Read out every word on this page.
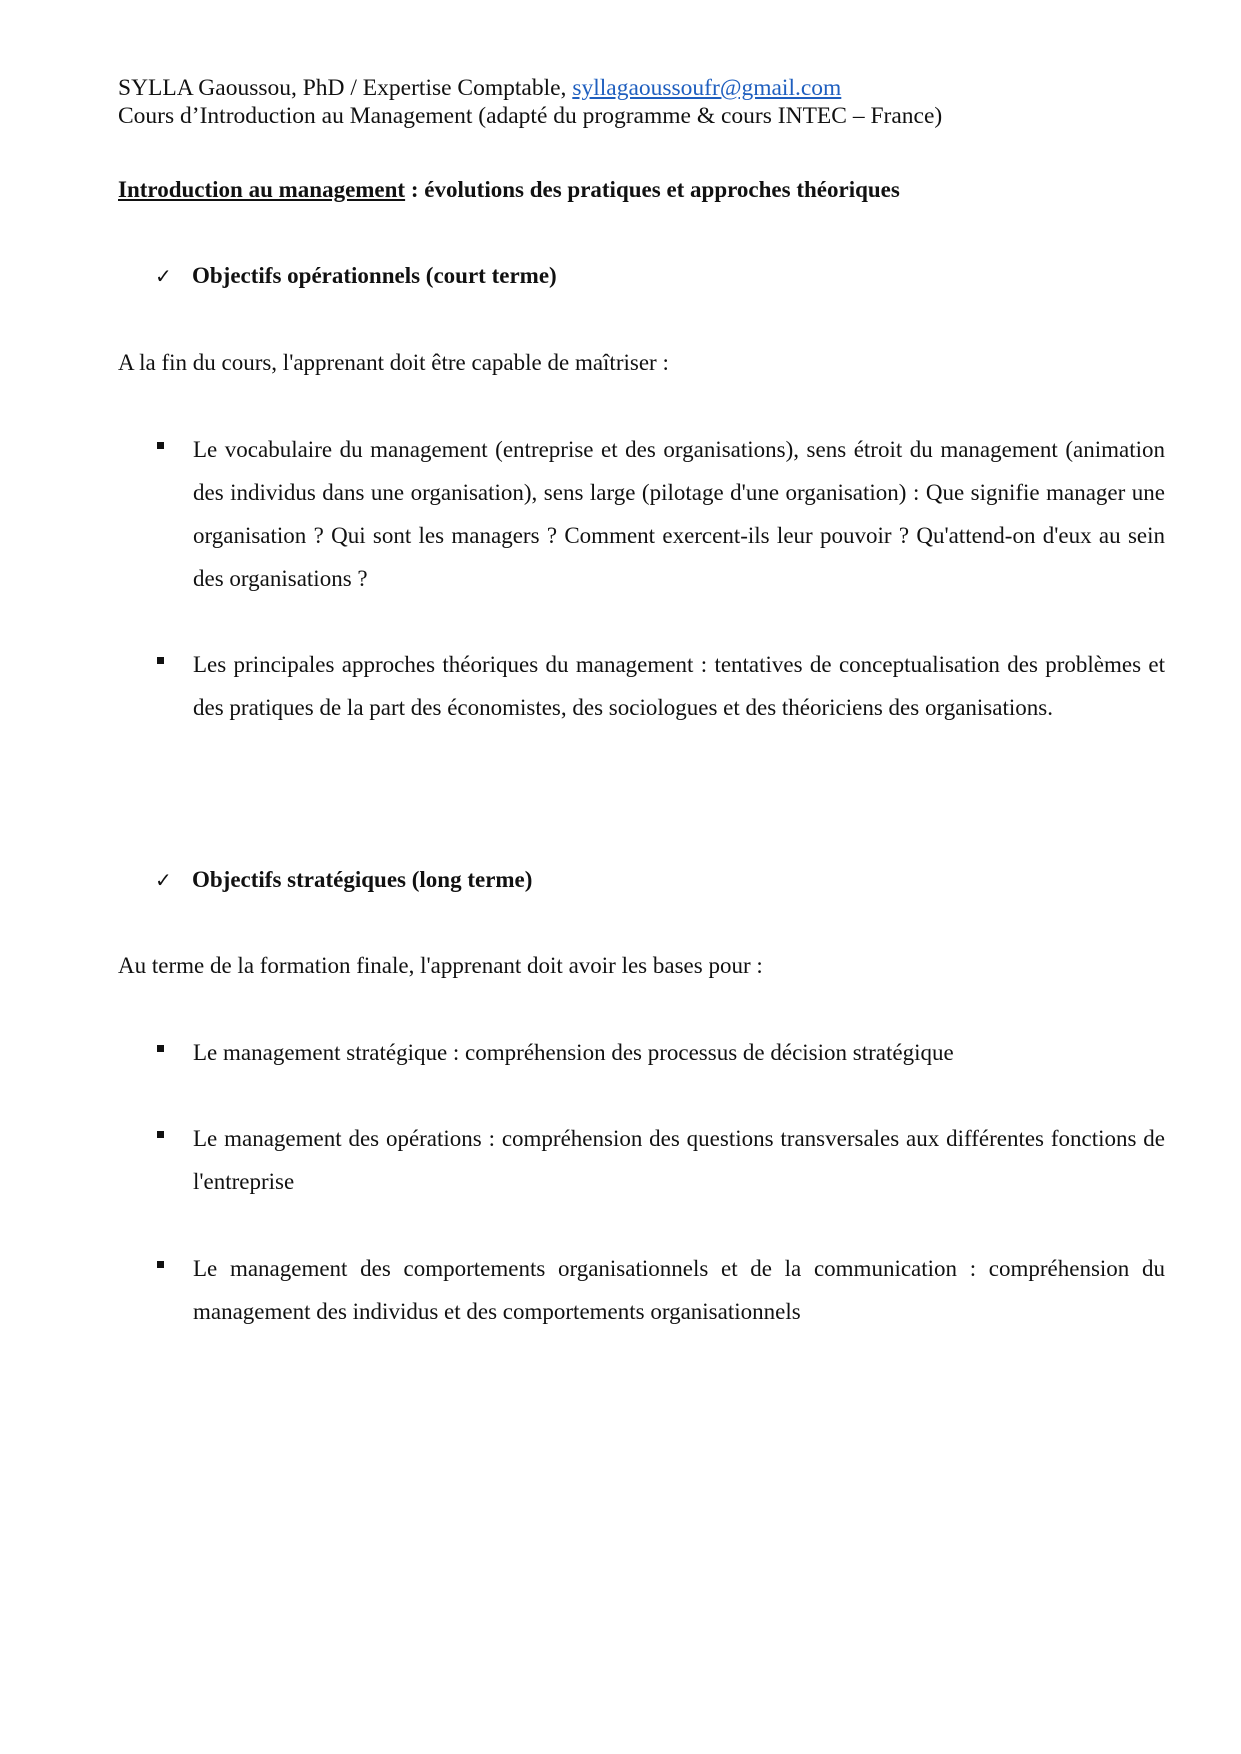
SYLLA Gaoussou, PhD / Expertise Comptable, syllagaoussoufr@gmail.com
Cours d’Introduction au Management (adapté du programme & cours INTEC – France)
Introduction au management : évolutions des pratiques et approches théoriques
✓ Objectifs opérationnels (court terme)
A la fin du cours, l'apprenant doit être capable de maîtriser :
Le vocabulaire du management (entreprise et des organisations), sens étroit du management (animation des individus dans une organisation), sens large (pilotage d'une organisation) : Que signifie manager une organisation ? Qui sont les managers ? Comment exercent-ils leur pouvoir ? Qu'attend-on d'eux au sein des organisations ?
Les principales approches théoriques du management : tentatives de conceptualisation des problèmes et des pratiques de la part des économistes, des sociologues et des théoriciens des organisations.
✓ Objectifs stratégiques (long terme)
Au terme de la formation finale, l'apprenant doit avoir les bases pour :
Le management stratégique : compréhension des processus de décision stratégique
Le management des opérations : compréhension des questions transversales aux différentes fonctions de l'entreprise
Le management des comportements organisationnels et de la communication : compréhension du management des individus et des comportements organisationnels
